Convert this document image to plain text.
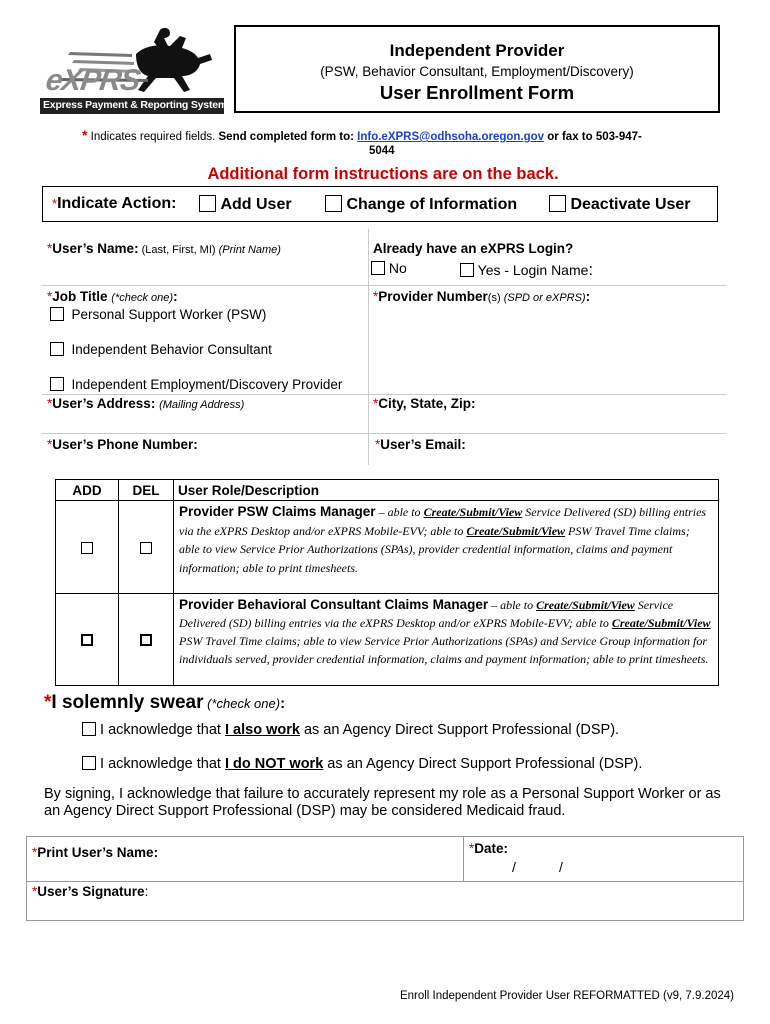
eXPRS
Express Payment & Reporting System
Independent Provider
(PSW, Behavior Consultant, Employment/Discovery)
User Enrollment Form
* Indicates required fields. Send completed form to: Info.eXPRS@odhsoha.oregon.gov or fax to 503-947-
5044
Additional form instructions are on the back.
*Indicate Action:	Add User	Change of Information	Deactivate User
*User’s Name: (Last, First, MI) (Print Name)	Already have an eXPRS Login?
No	Yes - Login Name:
*Job Title (*check one):
Personal Support Worker (PSW)
Independent Behavior Consultant
Independent Employment/Discovery Provider
*Provider Number(s) (SPD or eXPRS):
*User’s Address: (Mailing Address)	*City, State, Zip:
*User’s Phone Number:	*User’s Email:
ADD	DEL	User Role/Description
		Provider PSW Claims Manager – able to Create/Submit/View Service Delivered (SD) billing entries via the eXPRS Desktop and/or eXPRS Mobile-EVV; able to Create/Submit/View PSW Travel Time claims; able to view Service Prior Authorizations (SPAs), provider credential information, claims and payment information; able to print timesheets.
		Provider Behavioral Consultant Claims Manager – able to Create/Submit/View Service Delivered (SD) billing entries via the eXPRS Desktop and/or eXPRS Mobile-EVV; able to Create/Submit/View PSW Travel Time claims; able to view Service Prior Authorizations (SPAs) and Service Group information for individuals served, provider credential information, claims and payment information; able to print timesheets.
*I solemnly swear (*check one):
I acknowledge that I also work as an Agency Direct Support Professional (DSP).
I acknowledge that I do NOT work as an Agency Direct Support Professional (DSP).
By signing, I acknowledge that failure to accurately represent my role as a Personal Support Worker or as an Agency Direct Support Professional (DSP) may be considered Medicaid fraud.
*Print User’s Name:	*Date:
/	/
*User’s Signature:
Enroll Independent Provider User REFORMATTED (v9, 7.9.2024)
